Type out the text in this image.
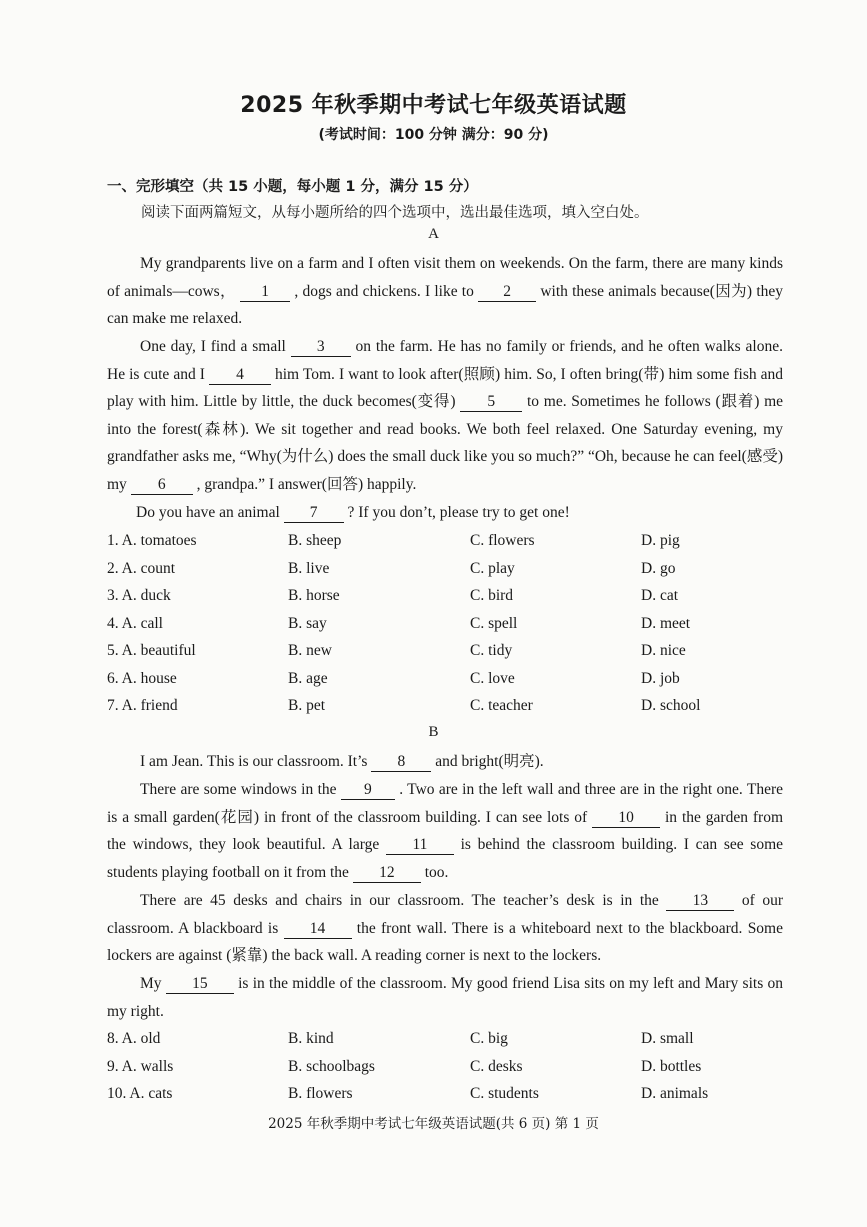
2025 年秋季期中考试七年级英语试题
(考试时间：100 分钟 满分：90 分)
一、完形填空（共 15 小题，每小题 1 分，满分 15 分）
阅读下面两篇短文，从每小题所给的四个选项中，选出最佳选项，填入空白处。
A
My grandparents live on a farm and I often visit them on weekends. On the farm, there are many kinds of animals—cows， 1 , dogs and chickens. I like to 2 with these animals because(因为) they can make me relaxed.
One day, I find a small 3 on the farm. He has no family or friends, and he often walks alone. He is cute and I 4 him Tom. I want to look after(照顾) him. So, I often bring(带) him some fish and play with him. Little by little, the duck becomes(变得) 5 to me. Sometimes he follows (跟着) me into the forest(森林). We sit together and read books. We both feel relaxed. One Saturday evening, my grandfather asks me, “Why(为什么) does the small duck like you so much?” “Oh, because he can feel(感受) my 6 , grandpa.” I answer(回答) happily.
Do you have an animal 7 ? If you don’t, please try to get one!
1. A. tomatoes	B. sheep	C. flowers	D. pig
2. A. count	B. live	C. play	D. go
3. A. duck	B. horse	C. bird	D. cat
4. A. call	B. say	C. spell	D. meet
5. A. beautiful	B. new	C. tidy	D. nice
6. A. house	B. age	C. love	D. job
7. A. friend	B. pet	C. teacher	D. school
B
I am Jean. This is our classroom. It’s 8 and bright(明亮).
There are some windows in the 9 . Two are in the left wall and three are in the right one. There is a small garden(花园) in front of the classroom building. I can see lots of 10 in the garden from the windows, they look beautiful. A large 11 is behind the classroom building. I can see some students playing football on it from the 12 too.
There are 45 desks and chairs in our classroom. The teacher’s desk is in the 13 of our classroom. A blackboard is 14 the front wall. There is a whiteboard next to the blackboard. Some lockers are against (紧靠) the back wall. A reading corner is next to the lockers.
My 15 is in the middle of the classroom. My good friend Lisa sits on my left and Mary sits on my right.
8. A. old	B. kind	C. big	D. small
9. A. walls	B. schoolbags	C. desks	D. bottles
10. A. cats	B. flowers	C. students	D. animals
2025 年秋季期中考试七年级英语试题(共 6 页) 第 1 页
